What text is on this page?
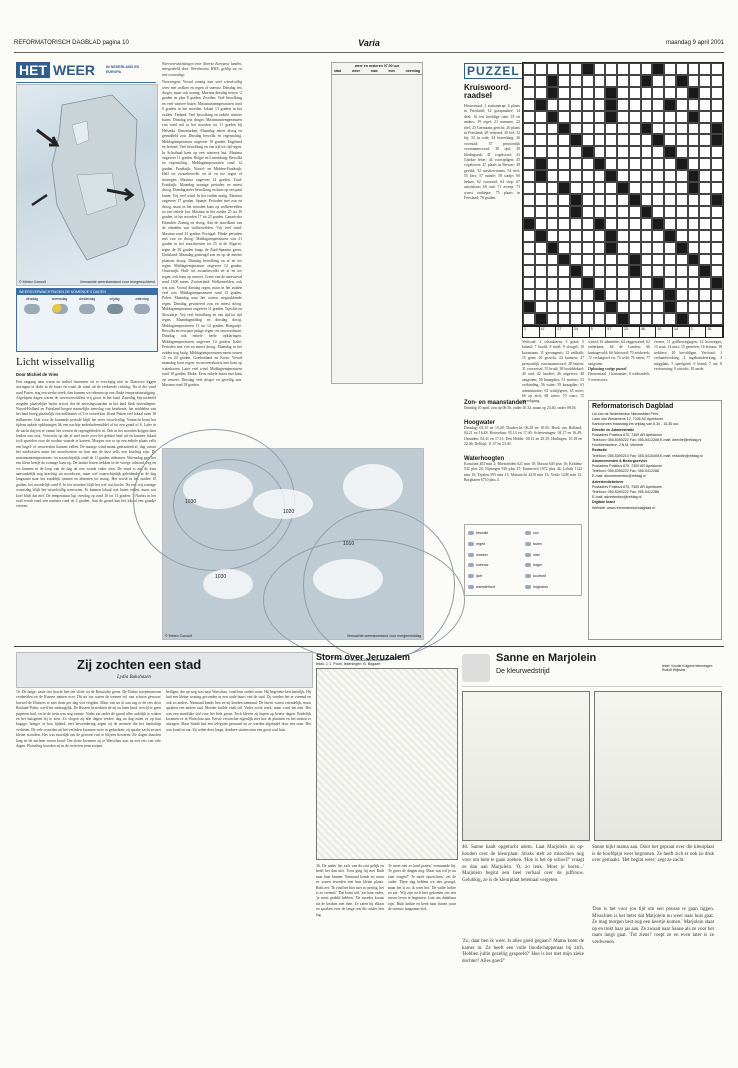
REFORMATORISCH DAGBLAD pagina 10	Varia	maandag 9 april 2001
HET WEER	IN NEDERLAND EN EUROPA
© Meteo Consult	Verwachte weerstoestand voor morgenochtend
WEERSVERWACHTINGEN DE KOMENDE 5 DAGEN
dinsdag	woensdag	donderdag	vrijdag	zaterdag
Licht wisselvallig
Door Michiel de Vries
Een omgang naar warm en stabiel lentemeer zit er voorlopig niet in. Daarvoor liggen storingen te dicht in de buurt en waait de wind uit de verkeerde richting. Na al die wind rond Pasen, nog een sterke week, dan kunnen we rekenen op een flinke temperatuurstijging. Afgelopen dagen waren de weersverschillen vrij groot in het land. Zaterdag bijvoorbeeld zorgden plaatselijke buien ervoor dat de neerslagwaarden in het land flink uiteenliepen. Noord-Holland en Friesland kregen nauwelijks neerslag van betekenis; het middelen van het land kreeg plaatselijk een millimeter of 5 te verwerken. Rond Putten viel lokaal ruim 10 millimeter. Ook voor de komende periode blijft het weer wisselvallig. Vanuacht komt het tijdens enkele opklaringen lik een nachtje anderhalvemiddel af tot een graad of 6. Later in de nacht drijven er vanuit het westen de regengebieden in. Ook in het noorden krijgen daar leaden van oost. Verwacht op dat al snel meer over het gebied land uit en kunnen lokaal toch spreiden voor de roodste waarde te koeren. Morgen zon er op een enkele plaats zells een hagel- of onweersbui kunnen vallen. De maxige wind maint gedraaiend af, dag vanuit het zuidwesten maar het noordwesten en hun aan de kust zells een krachtig zijn. De maximumtemperaturen: tot waarschijnlijk rond de 11 graden uitkomen. Woensdag gaat het een klein beetje de zonnige kant op. De laatste buien trekken in de vroege ochtend weg en we kunnen in de loop van de dag de zon wonds vaker zien. De wind is aan de kust aanvankelijk nog krachtig uit noordwest, maar wel waarschijnlijk geleidende in de dag langzaam naar het zuidelijk raimen en afnemen tot matig. Het wordt in het zuiden 10 graden, het noordelijk rond 9. In het noorden blijft het wel wat koeler. Na een vrij zonnige woensdag blijft het wisselvallig weerszien. Er kunnen lokaal wat buien vallen, maar wat koel blijft dat niet. De temperatuur ligt overdag op rond 10 tot 13 graden. 's Nachts in het zuid wordt rond een minima rond de 2 graden. Aan de grond kan het lokaal een graadje vriezen.

Weersverwachtingen voor diverse Europese landen, meegedeeld door Weerbureau HWS, geldig tot en met woensdag:

Noorwegen: Vooral zonnig met veel wisselvallig weer met wolken en regen of sneeuw. Dinsdag iets droger, maar ook zonnig. Maxima dinsdag tussen -2 graden en plus 8 graden. Zweden: Veel bewolking en veel wintere buien. Maximumtemperaturen rond 0 graden in het noorden, lokaal 13 graden in het zuiden. Finland: Veel bewolking en enkele wintere buien. Dinsdag iets droger. Maximumtemperaturen van rond nul in het noorden tot 11 graden bij Helsinki. Denemarken: Maandag meest droog en gemiddeld zon. Dinsdag bewolkt en regenachtig. Middagtemperatuur ongeveer 10 graden. Engeland en Ierland: Veel bewolking en van tijd tot tijd regen. In Schotland kans op een winterse bui. Maxima ongeveer 11 graden. België en Luxemburg: Bewolkt en regenachtig. Middagtemperaturen rond 12 graden. Frankrijk: Noord- en Midden-Frankrijk: Half tot zwaarbewolkt en af en toe regen of motregen. Maxima ongeveer 14 graden. Zuid-Frankrijk: Maandag zonnige perioden en meest droog. Dinsdag meer bewolking en kans op een paar buien. Vrij veel wind. In het zuiden matig. Maxima ongeveer 17 graden. Spanje: Perioden met zon en droog, maar in het noorden kans op wolkenvelden en een enkele bui. Maxima in het zuiden 25 tot 30 graden, in het noorden 17 tot 23 graden. Canarische Eilanden: Zonnig en droog. Aan de noordkant van de eilanden wat wolkenvelden. Vrij veel wind. Maxima rond 23 graden. Portugal: Flinke perioden met zon en droog. Middagtemperaturen van 21 graden in het noordwesten tot 25 in de Algarve, tegen de 30 graden langs de Zuid-Spaanse grens. Duitsland: Maandag gemengd zon en op de meeste plaatsen droog. Dinsdag bewolking en af en toe regen. Middagtemperatuur ongeveer 12 graden. Oostenrijk: Half- tot zwaarbewolkt en af en toe regen, ook kans op onweer. Grens van de sneeuwval rond 1300 meter. Zwitserland: Wolkenvelden, ook wat zon. Vooral dinsdag regen, maar in het zuiden veel zon. Middagtemperaturen rond 12 graden. Polen: Maandag naar het oosten wegtrekkende regen. Dinsdag gevarieerd zon en meest droog. Middagtemperatuur ongeveer 11 graden. Tsjechië en Slowakije: Vrij veel bewolking en van tijd tot tijd regen. Maandagmiddag en dinsdag droog. Middagtemperaturen 11 tot 14 graden. Hongarije: Bewolkt en een paar pittige regen- en onweersbuien. Dinsdag ook enkele heele opklaringen. Middagtemperaturen ongeveer 14 graden. Italië: Perioden met zon en meest droog. Maandag in het zuiden nog buiig. Middagtemperaturen meest tussen 15 en 20 graden. Griekenland en Kreta: Vooral maandag forse regen- en onweersbuien, met kans op waterhozen. Later veel wind. Middagtemperaturen rond 18 graden. Malta: Eerst enkele buien met kans op onweer. Dinsdag veel droger en gezellig zon. Maxima rond 18 graden.

weer en rusteren 07.00 uur
stad	weer	max	min	neerslag
1030
1020
1010
1030
© Meteo Consult	Verwachte weerstoestand voor morgenmiddag
PUZZEL
Kruiswoord-raadsel
Horizontaal: 1 stationstrap; 6 plaats in Friesland; 12 graapmaker; 14 deel; 16 ten hoofdige tuin; 18 en anders; 19 regel; 21 nummer; 22 titel; 23 Germaans gericht; 26 plaats in Friesland; 29 verbond; 30 bol; 32 bij; 33 in orde; 34 bewerking; 36 voorstad; 37 persoonlijk voornaamwoord; 38 spil; 39 kledingstuk; 41 vogelsoort; 43 Griekse letter; 44 voortijdigen; 45 vogelsoort; 47 plaats in Bretoer; 49 gevuld; 52 metalen-naam; 54 titel; 55 bert; 57 ruimte; 58 stadje; 60 helaas; 62 voorraad; 64 stop; 67 uitwisbaar; 69 oud; 71 zweep; 73 woest ondiepte; 75 plaats in Friesland; 76 graden.
1	47	27	24	5	57	23	48	10	14	2	36
Verticaal: 2 schaakterm; 3 graaf; 5 kabaal; 7 hoofd; 8 meel; 9 vleugel; 10 koosnaam; 11 gevangenis; 12 zeilbalk; 15 geen; 20 gezicht; 24 kransen; 27 persoonlijk voornaamwoord; 28 buiten; 31 voorzetsel; 35 bruid; 38 hoofddeksel; 40 oud; 42 lastdier; 46 ongeveer; 48 zangstem; 50 knaagdier; 51 moeras; 53 verbinding; 56 water; 59 knaagdier; 61 administratie; 63 schrijfgerei; 65 meer; 66 op zich; 68 water; 70 vaart; 72 spreekgang.
wiesel; 61 adminitie; 64 zeggewaard; 62 onderkant; 64 de Londen; 66 kansagevuld; 66 lidwoord; 70 zeidweek; 72 verlaagtoel en; 74 wild; 76 vaten; 77 zangstem.
Oplossing vorige puzzel
Horizontaal: 1 kanonnier; 6 weiboudelt; 9 weertscore.
vereen; 11 golfbewegingen; 12 hoorzegen; 13 zout; 14 mits; 15 genieten; 16 leiinen; 18 trekkers; 20 bevaldigen. Verticaal: 1 verbandwerking; 2 ingebrandeerking; 3 ningplakt; 5 speelgoed; 6 brand; 7 rui; 8 verbouwing; 9 uitzicht; 10 aarde.
Zon- en maanstanden
Dinsdag 10 april: zon op 06.56, onder 20.32, maan op 23.40, onder 08.26.
Hoogwater
Dinsdag: 03.15 en 15.48; Dordrecht: 06.28 en 18.05; Hoek van Holland: 04.21 en 16.48; Rotterdam: 05.14 en 17.40; Scheveningen: 04.17 en 16.49; IJmuiden: 04.41 en 17.11; Den Helder: 08.12 en 20.35; Harlingen: 10.18 en 22.46; Delfzijl: 11.57 en 23.40.
Waterhoogten
Konstanz 402 min 2; Rheinfelden 621 min 18; Maxau 640 plus 16; Koblenz 532 plus 24; Nijmegen 926 plus 27; Emmerich 1072 plus 44; Lobith 1122 min 10; Eijsden 595 min 11; Maastricht 4410 min 15; Venlo 1248 min 13. Borgharen 6710 plus 4.
bewolkt	zon
regen	buien
onweer	mist
sneeuw	hagel
ijzel	koufront
warmtefront	hogedruk
Reformatorisch Dagblad
Lid van de Nederlandse Nieuwsblad Pers
Laan van Westenenk 12, 7336 AZ Apeldoorn
Kantooruren maandag t/m vrijdag van 8.30 - 16.30 uur.
Directie en Administratie
Postadres Postbus 670, 7300 AR Apeldoorn
Telefoon: 055-5390222 Fax: 055-5412288 E-mail: directie@refdag.nl
Hoofdredacteur: J.N.M. Verbeek
Redactie
Telefoon: 055-5390210 Fax: 055-5410408 E-mail: redactie@refdag.nl
Abonnementen & Bezorgservice
Postadres Postbus 670, 7300 AR Apeldoorn
Telefoon: 055-5390222 Fax: 055-5412288
E-mail: abonnementen@refdag.nl
Advertentiebeheer
Postadres Postbus 670, 7300 AR Apeldoorn
Telefoon: 055-5390222 Fax: 055-5412288
E-mail: advertenties@refdag.nl
Digitale krant
Website: www.reformatorischdagblad.nl
Zij zochten een stad
Lydia Buksbazen
16. De lange, saaie reis bracht hen ten slotte tot de Russische grens. De Duitse troepenstroom verdeelden en de Russen namen over. Dit nu toe waren de treinen vol van schoon gewoon; hoewel de Duitsers er niet doen per dag wat vergden. Maar van nu af aan zag er de reis door Rusland Polen, werd het ondraaglijk. De Russen bewerkten de zij en laten kind, terwijl er geen papieren huil, en in de trein was nog ruimte. Vader zat onder de grond alles ordelijk te waken en het huisgezin bij te zien. Zo vlogen zij alle dagen verder; dag na dag zaten ze op hun bagage, honger of kou lijdend, met bewondering zagen zij de mensen die het landschap verlieten. De vele woorden uit het verleden kwamen weer in gedachten; zij sprake zacht en met kleine woorden. Het was moeilijk om de gewone rust te blijven bewaren. De dagen duurden lang en de nachten waren koud. Ten slotte kwamen zij te Warschau aan, na een reis van vele dagen. Plotseling hoorden zij in de trein een stem roepen.
heiligen, die op weg was naar Warschau, vond hun oudste zoon. Hij begroette hen hartelijk. Hij had een kleine woning gevonden in een oude buurt van de stad. Zij vonden het er vreemd en ook zo anders. Niemand kende hen en zij kenden niemand. De buren waren vriendelijk, maar spraken een andere taal. Moeder huilde vaak stil. Vader zocht werk, maar vond het niet. Het was een moeilijke tijd voor het hele gezin. Toch bleven zij hopen op betere dagen. Eindelijk kwamen ze in Warschau aan. Eerste verwachte eigenlijk niet hoe de plaatsen en het station er uitzagen. Maar Smith had een telegram gestuurd en ze werden afgehaald door een oom. Het was koud en nat. Zij reden door lange, donkere straten naar een groot oud huis.
Storm over Jeruzalem
tekst: J. J. Poort, tekeningen: B. Bogaart
36. De ander het zich van de rust gelijk en heeft het dan niet. Toen ging hij met Ruth naar haar binnen. Niemand kende ze, maar ze waren tevreden met hun kleine plaats. Ruth zei: 'Ik vind het hier niet zo prettig, het is zo vreemd.' 'Dat komt wel,' zei haar vader, 'je moet geduld hebben.' De moeder kwam uit de keuken met thee. Ze zaten bij elkaar en spraken over de lange reis die achter hen lag.
'Je moet niet zo hard praten,' vermaande hij. 'Je groet de dingen nog. Maar wat wil je nu zien vragen?' 'Je moet opwachten,' zei de vader. 'Deze dag hebben we niet gezegd, maar het is zo, ik weet het.' De vader lachte en zei: 'Wij zijn toch hier gekomen om een nieuw leven te beginnen. Laat ons dankbaar zijn.' Ruth knikte en keek naar buiten waar de sneeuw langzaam viel.
Sanne en Marjolein
De kleurwedstrijd
tekst: Voudie Kuijpers tekeningen: Rudolf Wijkstra
40. Sanne haalt opgelucht adem. Laat Marjolein nu op-houden over de kleurplaat. Straks stelt ze misschien nog voor om hem te gaan zoeken. 'Hoe is het op school?' vraagt ze dan aan Marjolein. 'O, zo leuk. Moet je horen...' Marjolein begint een heel verhaal over de juffrouw. Gelukkig, ze is de kleurplaat helemaal vergeten.
'Zo, daar ben ik weer. Is alles goed gegaan?' Mama komt de kamer in. Ze heeft een volle boodschappentas bij zich. 'Hebben jullie gezellig gespeeld?' Hoe is het met mijn zieke dochter? Alles goed?'
Sanne kijkt mama aan. Door het gepraat over die kleurplaat is de hoofdpijn weer begonnen. Ze heeft zich er ook zo druk over gemaakt. 'Het begint weer,' zegt ze zacht.
'Dan is het voor jou tijd om een pousse te gaan liggen. Misschien is het beter dat Marjolein nu weer naar huis gaat. Ze mag morgen best nog een keertje komen.' Marjolein staat op en trekt haar jas aan. Ze zwaait naar Sanne als ze voor het raam langs gaat. 'Tot ziens!' roept ze en even later is ze verdwenen.
